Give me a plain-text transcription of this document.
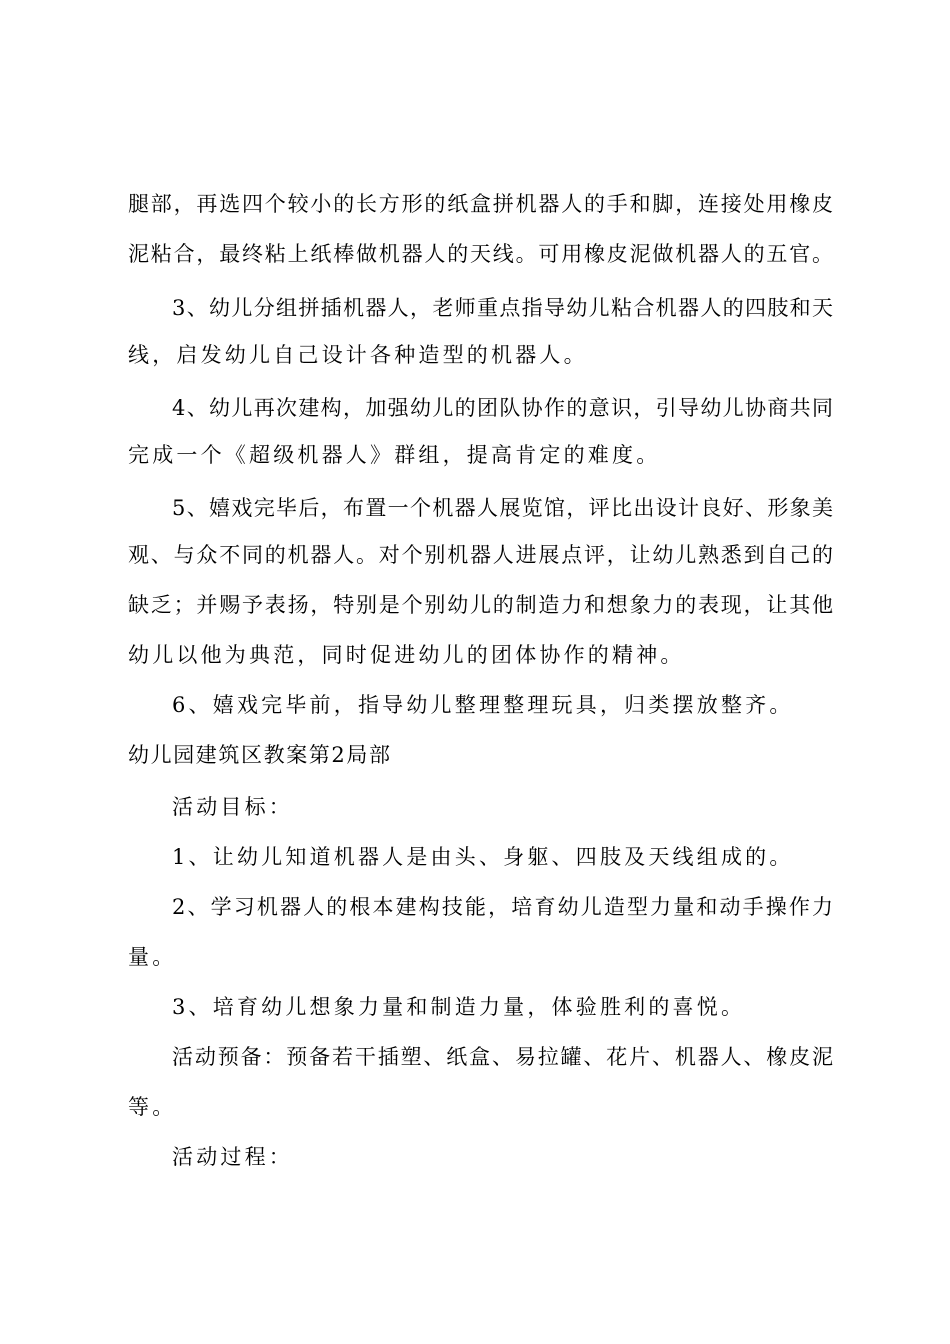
腿部，再选四个较小的长方形的纸盒拼机器人的手和脚，连接处用橡皮
泥粘合，最终粘上纸棒做机器人的天线。可用橡皮泥做机器人的五官。
3、幼儿分组拼插机器人，老师重点指导幼儿粘合机器人的四肢和天
线，启发幼儿自己设计各种造型的机器人。
4、幼儿再次建构，加强幼儿的团队协作的意识，引导幼儿协商共同
完成一个《超级机器人》群组，提高肯定的难度。
5、嬉戏完毕后，布置一个机器人展览馆，评比出设计良好、形象美
观、与众不同的机器人。对个别机器人进展点评，让幼儿熟悉到自己的
缺乏；并赐予表扬，特别是个别幼儿的制造力和想象力的表现，让其他
幼儿以他为典范，同时促进幼儿的团体协作的精神。
6、嬉戏完毕前，指导幼儿整理整理玩具，归类摆放整齐。
幼儿园建筑区教案第2局部
活动目标：
1、让幼儿知道机器人是由头、身躯、四肢及天线组成的。
2、学习机器人的根本建构技能，培育幼儿造型力量和动手操作力
量。
3、培育幼儿想象力量和制造力量，体验胜利的喜悦。
活动预备：预备若干插塑、纸盒、易拉罐、花片、机器人、橡皮泥
等。
活动过程：
